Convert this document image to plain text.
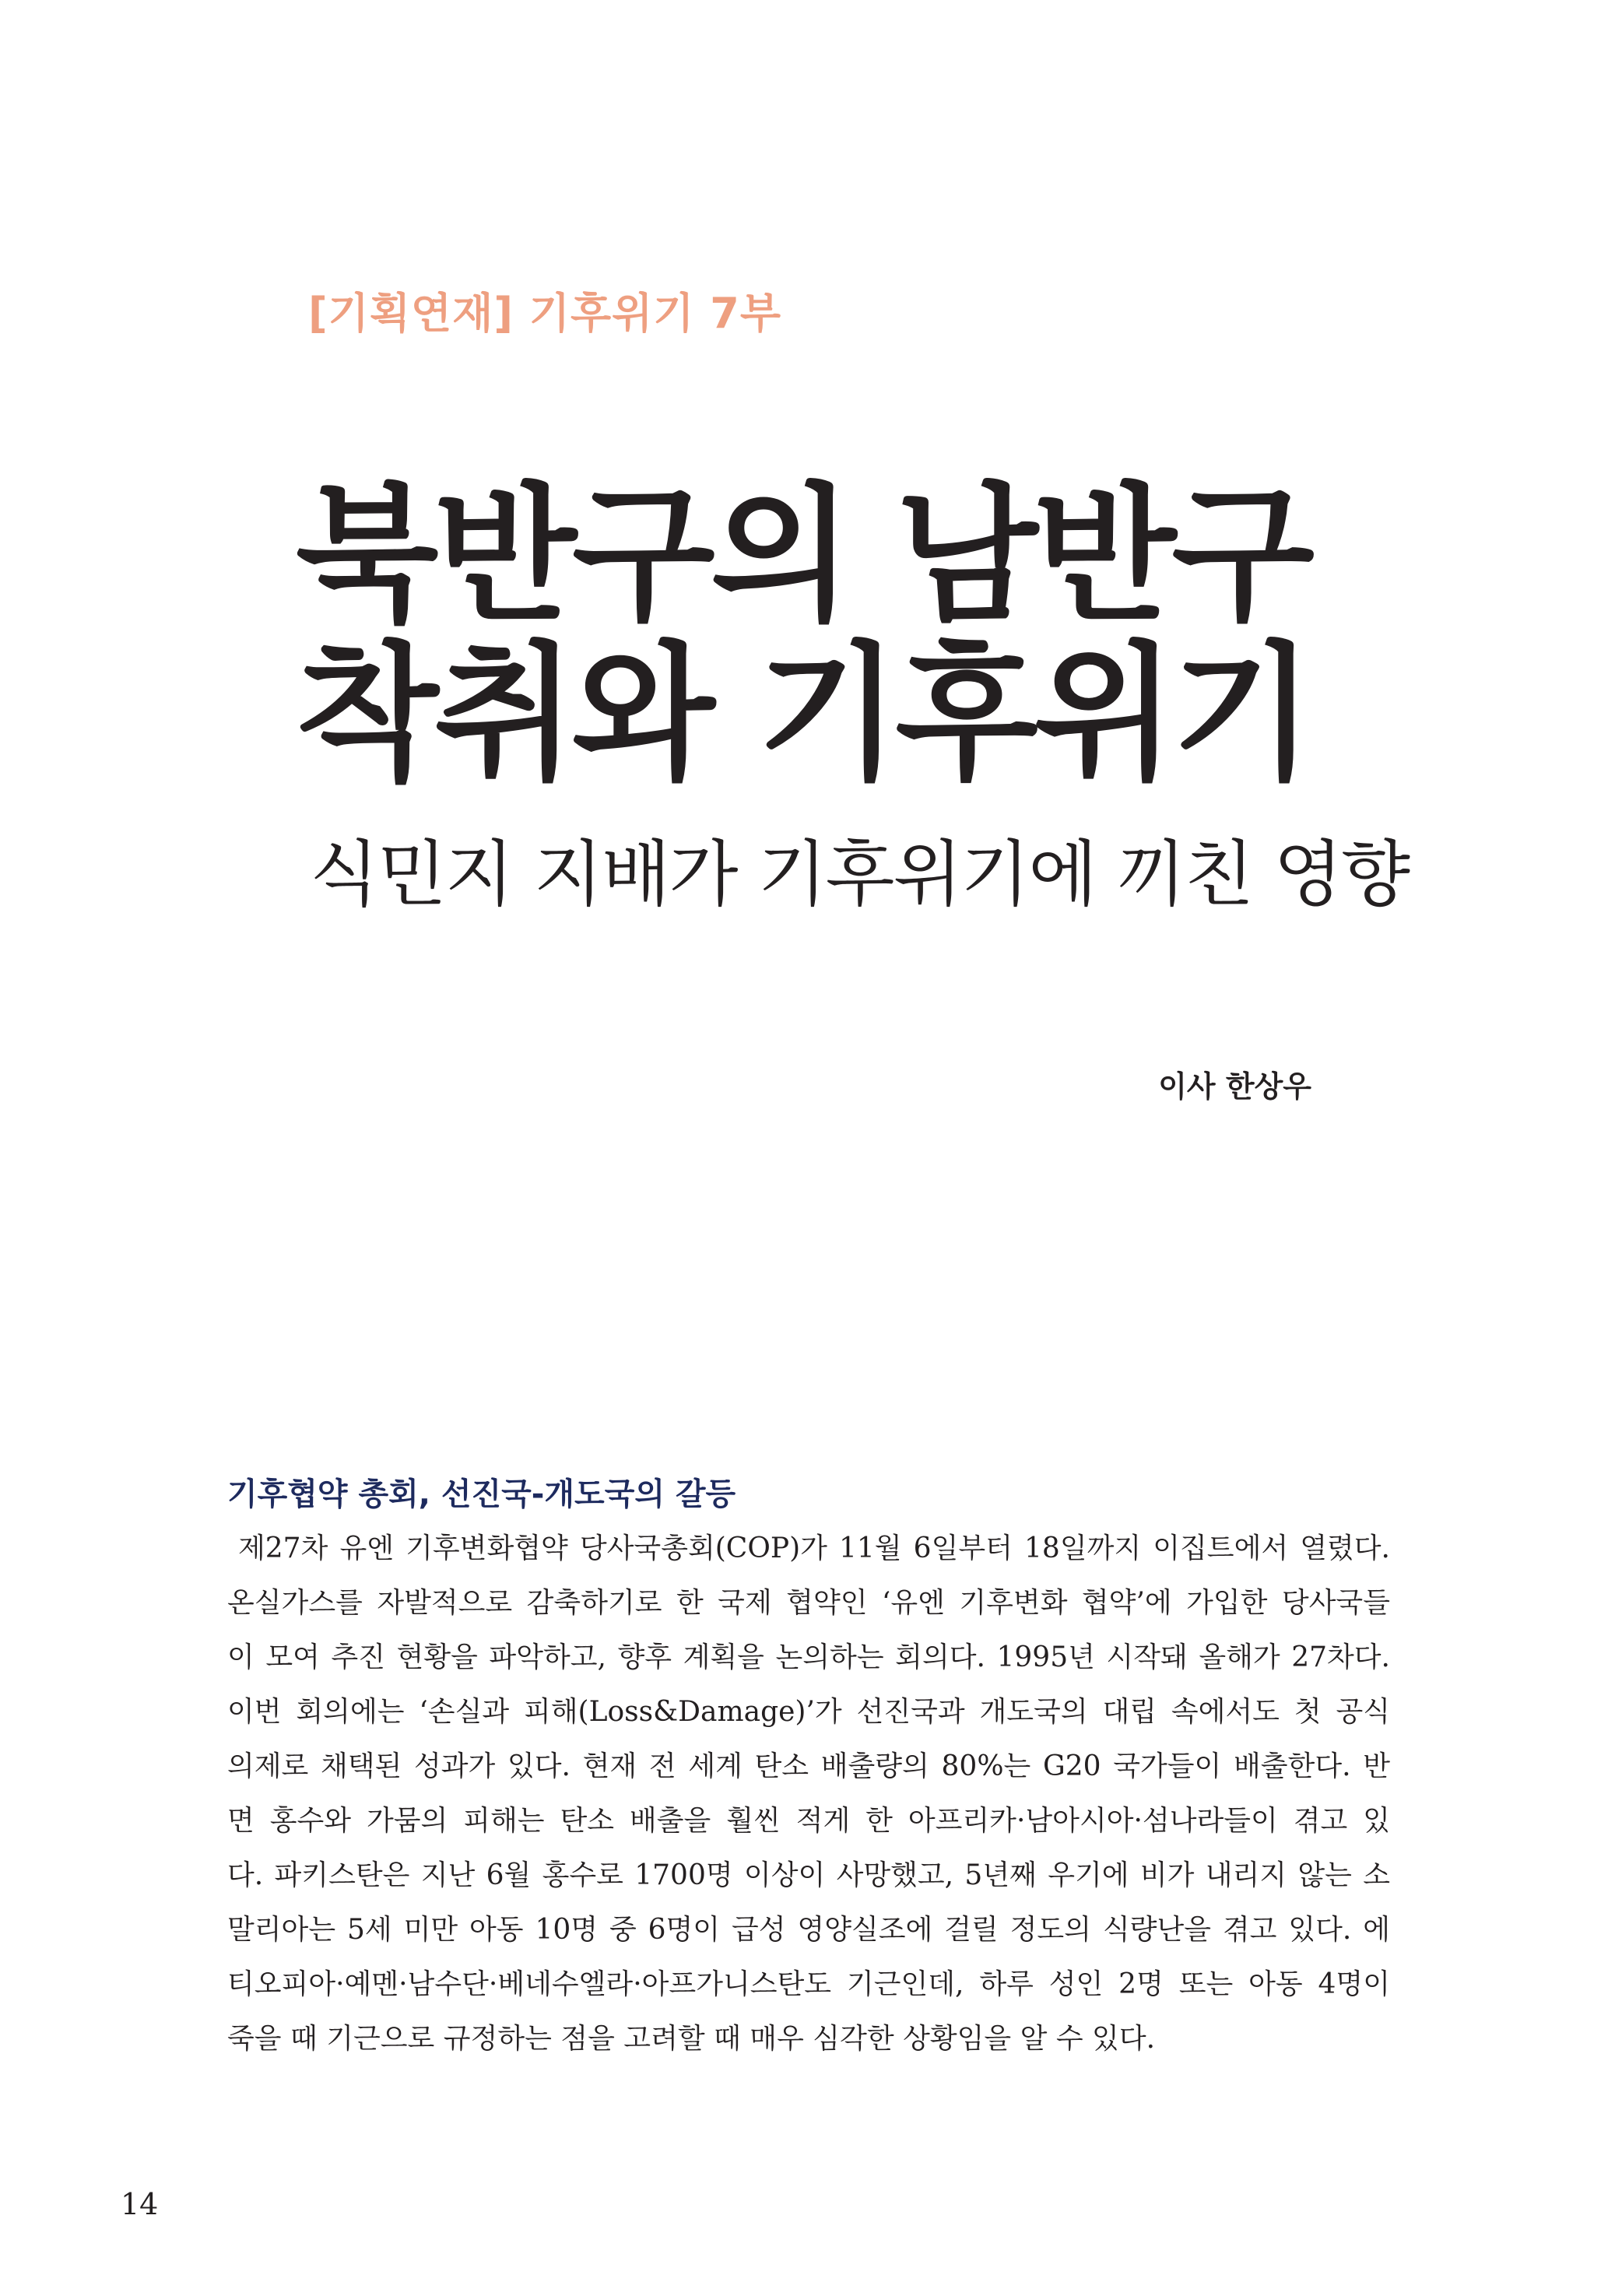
[기획연재] 기후위기 7부
북반구의 남반구
착취와 기후위기
식민지 지배가 기후위기에 끼친 영향
이사 한상우
기후협약 총회, 선진국-개도국의 갈등
제27차 유엔 기후변화협약 당사국총회(COP)가 11월 6일부터 18일까지 이집트에서 열렸다.
온실가스를 자발적으로 감축하기로 한 국제 협약인 ‘유엔 기후변화 협약’에 가입한 당사국들
이 모여 추진 현황을 파악하고, 향후 계획을 논의하는 회의다. 1995년 시작돼 올해가 27차다.
이번 회의에는 ‘손실과 피해(Loss&Damage)’가 선진국과 개도국의 대립 속에서도 첫 공식
의제로 채택된 성과가 있다. 현재 전 세계 탄소 배출량의 80%는 G20 국가들이 배출한다. 반
면 홍수와 가뭄의 피해는 탄소 배출을 훨씬 적게 한 아프리카·남아시아·섬나라들이 겪고 있
다. 파키스탄은 지난 6월 홍수로 1700명 이상이 사망했고, 5년째 우기에 비가 내리지 않는 소
말리아는 5세 미만 아동 10명 중 6명이 급성 영양실조에 걸릴 정도의 식량난을 겪고 있다. 에
티오피아·예멘·남수단·베네수엘라·아프가니스탄도 기근인데, 하루 성인 2명 또는 아동 4명이
죽을 때 기근으로 규정하는 점을 고려할 때 매우 심각한 상황임을 알 수 있다.
14
